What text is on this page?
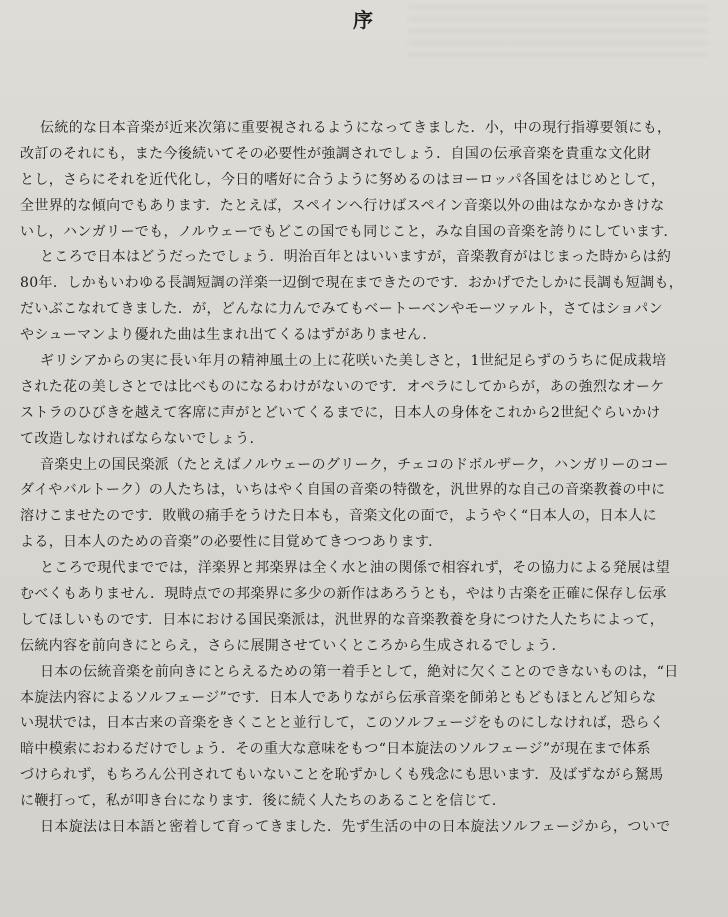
序
伝統的な日本音楽が近来次第に重要視されるようになってきました．小，中の現行指導要領にも，
改訂のそれにも，また今後続いてその必要性が強調されでしょう．自国の伝承音楽を貴重な文化財
とし，さらにそれを近代化し，今日的嗜好に合うように努めるのはヨーロッパ各国をはじめとして，
全世界的な傾向でもあります．たとえば，スペインへ行けばスペイン音楽以外の曲はなかなかきけな
いし，ハンガリーでも，ノルウェーでもどこの国でも同じこと，みな自国の音楽を誇りにしています．
ところで日本はどうだったでしょう．明治百年とはいいますが，音楽教育がはじまった時からは約
80年．しかもいわゆる長調短調の洋楽一辺倒で現在まできたのです．おかげでたしかに長調も短調も，
だいぶこなれてきました．が，どんなに力んでみてもベートーベンやモーツァルト，さてはショパン
やシューマンより優れた曲は生まれ出てくるはずがありません．
ギリシアからの実に長い年月の精神風土の上に花咲いた美しさと，1世紀足らずのうちに促成栽培
された花の美しさとでは比べものになるわけがないのです．オペラにしてからが，あの強烈なオーケ
ストラのひびきを越えて客席に声がとどいてくるまでに，日本人の身体をこれから2世紀ぐらいかけ
て改造しなければならないでしょう．
音楽史上の国民楽派（たとえばノルウェーのグリーク，チェコのドボルザーク，ハンガリーのコー
ダイやバルトーク）の人たちは，いちはやく自国の音楽の特徴を，汎世界的な自己の音楽教養の中に
溶けこませたのです．敗戦の痛手をうけた日本も，音楽文化の面で，ようやく“日本人の，日本人に
よる，日本人のための音楽”の必要性に目覚めてきつつあります．
ところで現代まででは，洋楽界と邦楽界は全く水と油の関係で相容れず，その協力による発展は望
むべくもありません．現時点での邦楽界に多少の新作はあろうとも，やはり古楽を正確に保存し伝承
してほしいものです．日本における国民楽派は，汎世界的な音楽教養を身につけた人たちによって，
伝統内容を前向きにとらえ，さらに展開させていくところから生成されるでしょう．
日本の伝統音楽を前向きにとらえるための第一着手として，絶対に欠くことのできないものは，“日
本旋法内容によるソルフェージ”です．日本人でありながら伝承音楽を師弟ともどもほとんど知らな
い現状では，日本古来の音楽をきくことと並行して，このソルフェージをものにしなければ，恐らく
暗中模索におわるだけでしょう．その重大な意味をもつ“日本旋法のソルフェージ”が現在まで体系
づけられず，もちろん公刊されてもいないことを恥ずかしくも残念にも思います．及ばずながら駑馬
に鞭打って，私が叩き台になります．後に続く人たちのあることを信じて．
日本旋法は日本語と密着して育ってきました．先ず生活の中の日本旋法ソルフェージから，ついで
